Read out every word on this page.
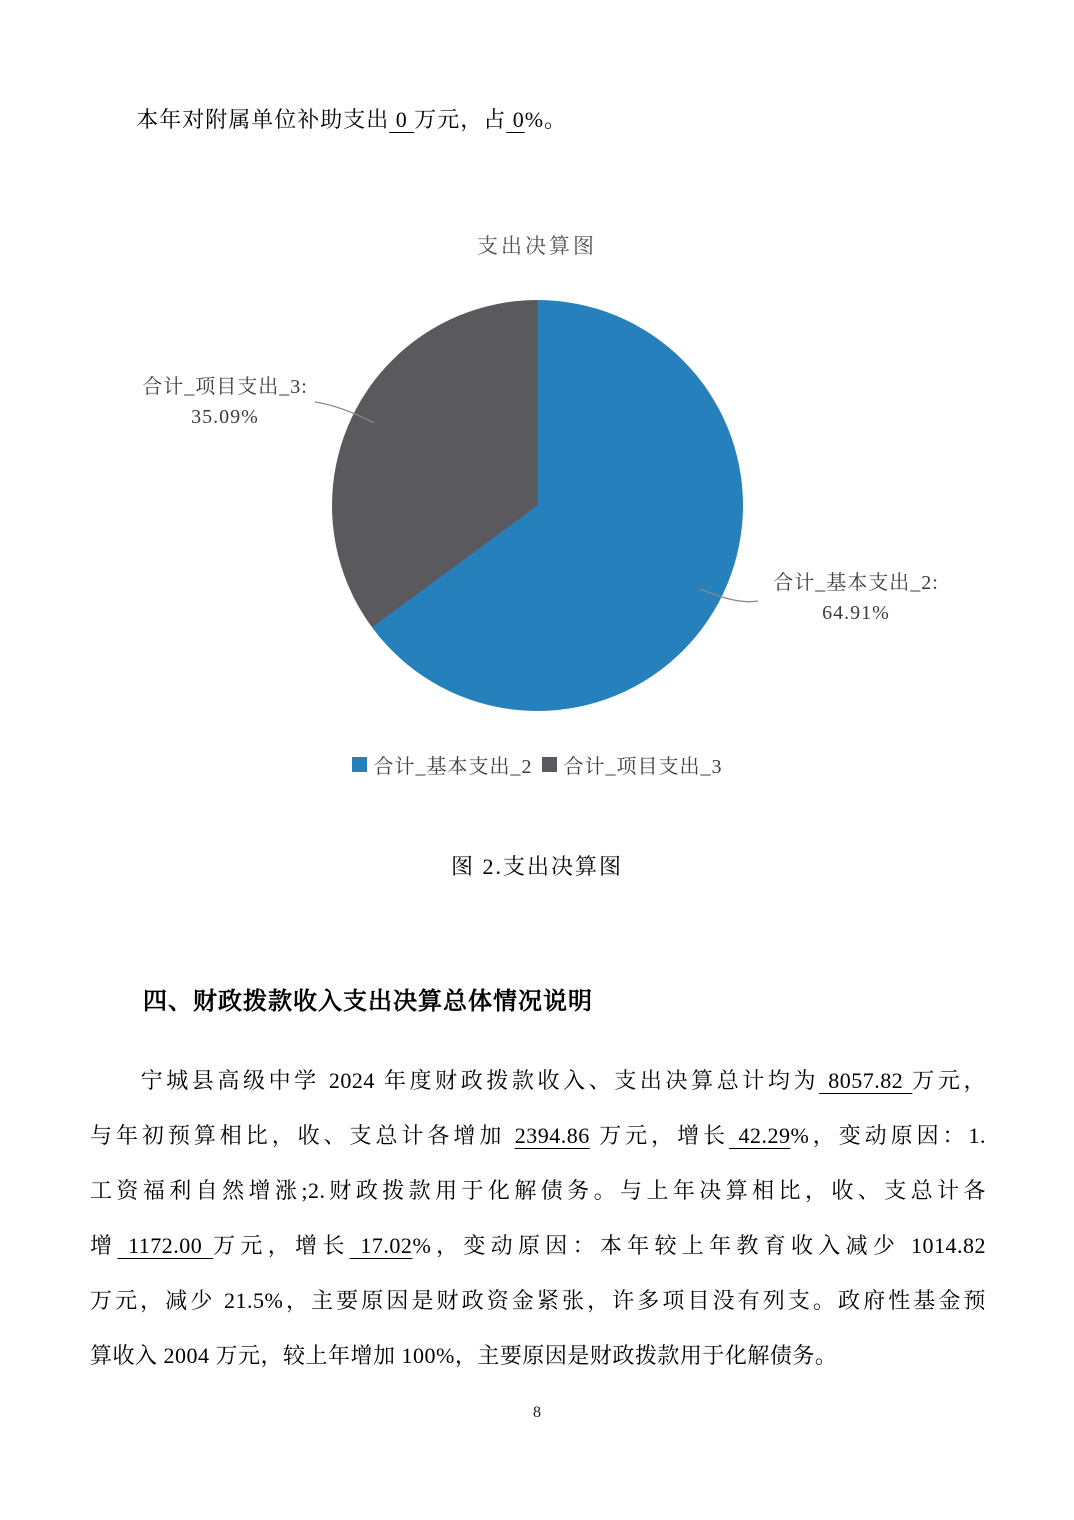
本年对附属单位补助支出 0 万元，占 0%。

支出决算图
合计_项目支出_3:
35.09%
合计_基本支出_2:
64.91%
合计_基本支出_2 合计_项目支出_3
图 2.支出决算图
四、财政拨款收入支出决算总体情况说明
宁城县高级中学 2024 年度财政拨款收入、支出决算总计均为 8057.82 万元，
与年初预算相比，收、支总计各增加 2394.86 万元，增长 42.29%，变动原因：1.
工资福利自然增涨;2.财政拨款用于化解债务。与上年决算相比，收、支总计各
增 1172.00 万元，增长 17.02%，变动原因：本年较上年教育收入减少 1014.82
万元，减少 21.5%，主要原因是财政资金紧张，许多项目没有列支。政府性基金预
算收入 2004 万元，较上年增加 100%，主要原因是财政拨款用于化解债务。
8
